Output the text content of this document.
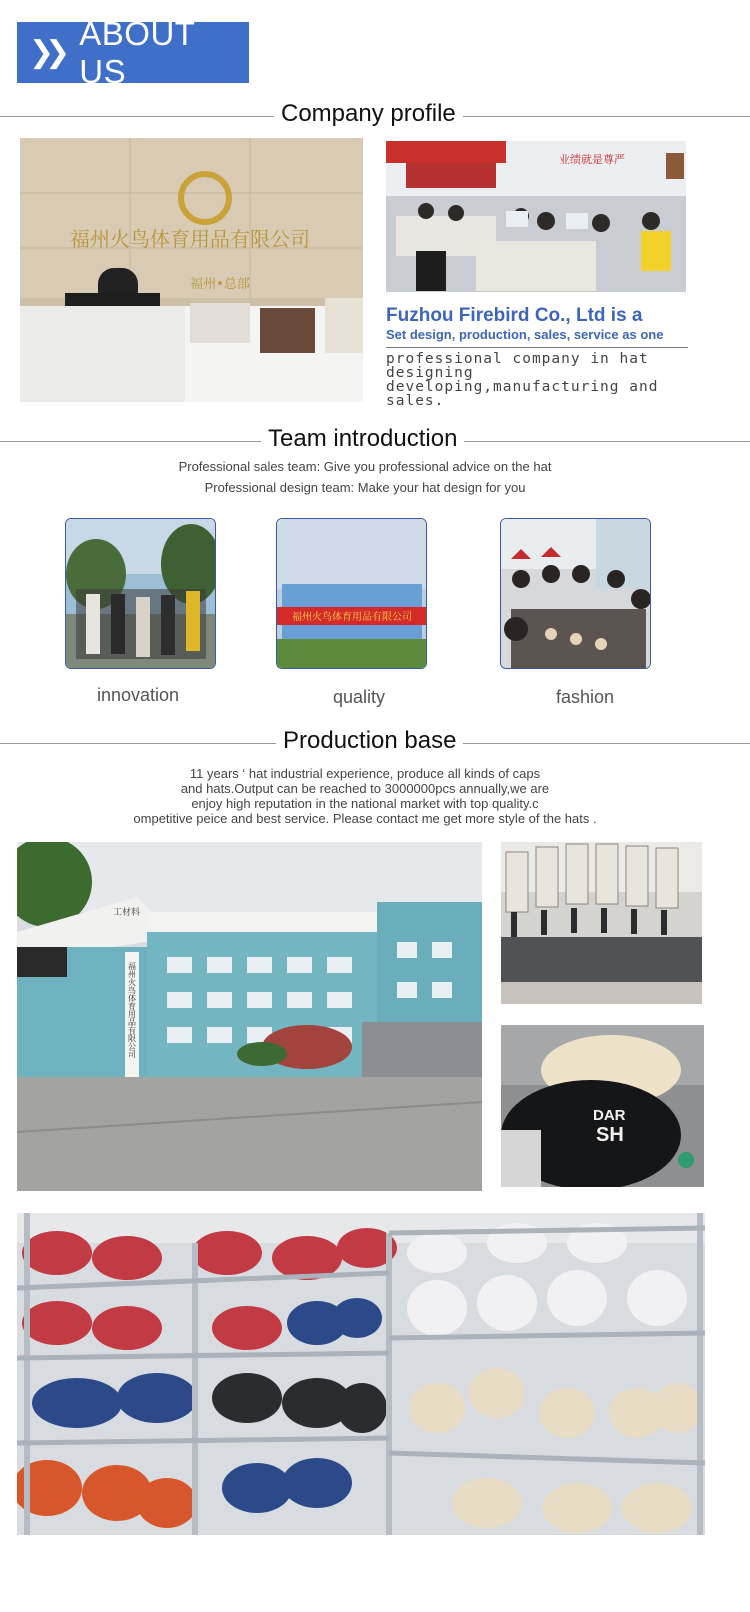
❯❯
ABOUT US
Company profile
福州火鸟体育用品有限公司
福州•总部
业绩就是尊严
Fuzhou Firebird Co., Ltd is a
Set design, production, sales, service as one
professional company in hat designing
developing,manufacturing and sales.
Team introduction
Professional sales team: Give you professional advice on the hat
Professional design team: Make your hat design for you
福州火鸟体育用品有限公司
innovation	quality	fashion
Production base
11 years ‘ hat industrial experience, produce all kinds of caps
and hats.Output can be reached to 3000000pcs annually,we are
enjoy high reputation in the national market with top quality.c
ompetitive peice and best service. Please contact me get more style of the hats .
工材料
福州火鸟体育用品有限公司
DAR
SH
